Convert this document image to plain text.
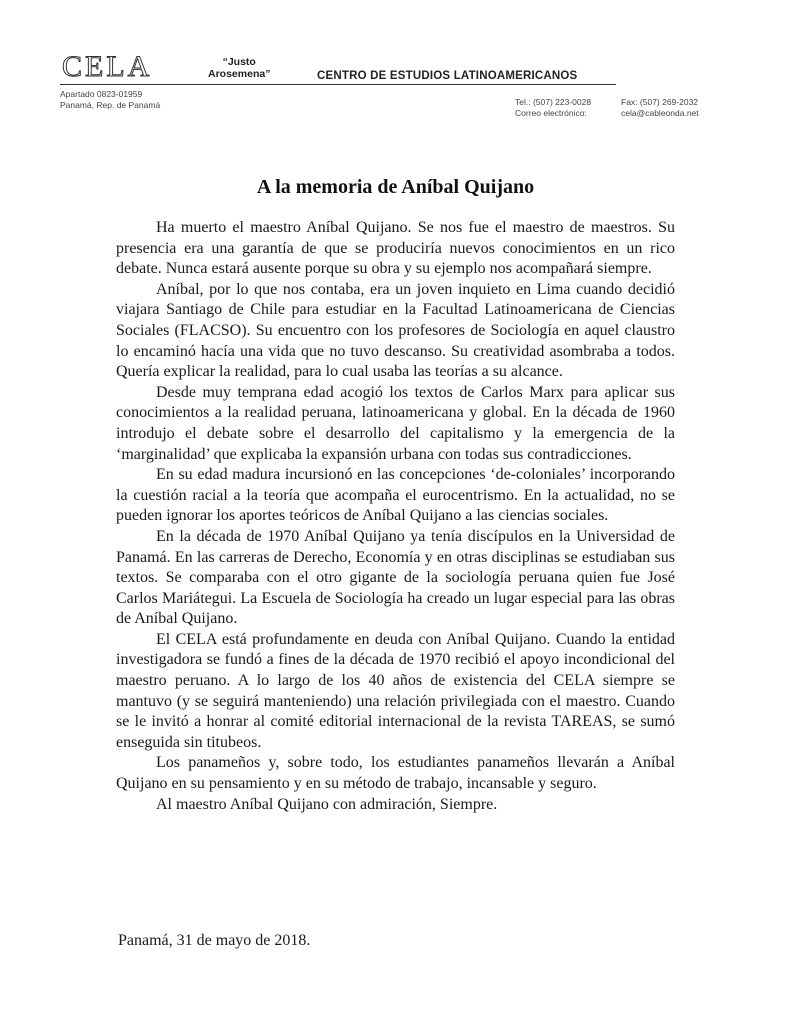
CELA	“Justo
Arosemena”	CENTRO DE ESTUDIOS LATINOAMERICANOS
Apartado 0823-01959
Panamá, Rep. de Panamá	Tel.: (507) 223-0028	Fax: (507) 269-2032
Correo electrónico:	cela@cableonda.net
A la memoria de Aníbal Quijano

Ha muerto el maestro Aníbal Quijano. Se nos fue el maestro de maestros. Su presencia era una garantía de que se produciría nuevos conocimientos en un rico debate. Nunca estará ausente porque su obra y su ejemplo nos acompañará siempre.

Aníbal, por lo que nos contaba, era un joven inquieto en Lima cuando decidió viajara Santiago de Chile para estudiar en la Facultad Latinoamericana de Ciencias Sociales (FLACSO). Su encuentro con los profesores de Sociología en aquel claustro lo encaminó hacía una vida que no tuvo descanso. Su creatividad asombraba a todos. Quería explicar la realidad, para lo cual usaba las teorías a su alcance.

Desde muy temprana edad acogió los textos de Carlos Marx para aplicar sus conocimientos a la realidad peruana, latinoamericana y global. En la década de 1960 introdujo el debate sobre el desarrollo del capitalismo y la emergencia de la ‘marginalidad’ que explicaba la expansión urbana con todas sus contradicciones.

En su edad madura incursionó en las concepciones ‘de-coloniales’ incorporando la cuestión racial a la teoría que acompaña el eurocentrismo. En la actualidad, no se pueden ignorar los aportes teóricos de Aníbal Quijano a las ciencias sociales.

En la década de 1970 Aníbal Quijano ya tenía discípulos en la Universidad de Panamá. En las carreras de Derecho, Economía y en otras disciplinas se estudiaban sus textos. Se comparaba con el otro gigante de la sociología peruana quien fue José Carlos Mariátegui. La Escuela de Sociología ha creado un lugar especial para las obras de Aníbal Quijano.

El CELA está profundamente en deuda con Aníbal Quijano. Cuando la entidad investigadora se fundó a fines de la década de 1970 recibió el apoyo incondicional del maestro peruano. A lo largo de los 40 años de existencia del CELA siempre se mantuvo (y se seguirá manteniendo) una relación privilegiada con el maestro. Cuando se le invitó a honrar al comité editorial internacional de la revista TAREAS, se sumó enseguida sin titubeos.

Los panameños y, sobre todo, los estudiantes panameños llevarán a Aníbal Quijano en su pensamiento y en su método de trabajo, incansable y seguro.

Al maestro Aníbal Quijano con admiración, Siempre.

Panamá, 31 de mayo de 2018.
